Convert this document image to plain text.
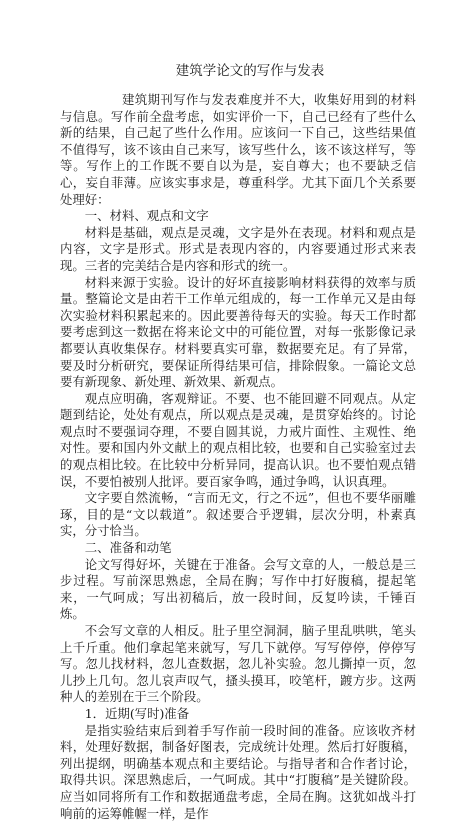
建筑学论文的写作与发表

建筑期刊写作与发表难度并不大，收集好用到的材料与信息。写作前全盘考虑，如实评价一下，自己已经有了些什么新的结果，自己起了些什么作用。应该问一下自己，这些结果值不值得写，该不该由自己来写，该写些什么，该不该这样写，等等。写作上的工作既不要自以为是，妄自尊大；也不要缺乏信心，妄自菲薄。应该实事求是，尊重科学。尤其下面几个关系要处理好：

一、材料、观点和文字

材料是基础，观点是灵魂，文字是外在表现。材料和观点是内容，文字是形式。形式是表现内容的，内容要通过形式来表现。三者的完美结合是内容和形式的统一。

材料来源于实验。设计的好坏直接影响材料获得的效率与质量。整篇论文是由若干工作单元组成的，每一工作单元又是由每次实验材料积累起来的。因此要善待每天的实验。每天工作时都要考虑到这一数据在将来论文中的可能位置，对每一张影像记录都要认真收集保存。材料要真实可靠，数据要充足。有了异常，要及时分析研究，要保证所得结果可信，排除假象。一篇论文总要有新现象、新处理、新效果、新观点。

观点应明确，客观辩证。不要、也不能回避不同观点。从定题到结论，处处有观点，所以观点是灵魂，是贯穿始终的。讨论观点时不要强词夺理，不要自圆其说，力戒片面性、主观性、绝对性。要和国内外文献上的观点相比较，也要和自己实验室过去的观点相比较。在比较中分析异同，提高认识。也不要怕观点错误，不要怕被别人批评。要百家争鸣，通过争鸣，认识真理。

文字要自然流畅，“言而无文，行之不远”，但也不要华丽雕琢，目的是“文以载道”。叙述要合乎逻辑，层次分明，朴素真实，分寸恰当。

二、准备和动笔

论文写得好坏，关键在于准备。会写文章的人，一般总是三步过程。写前深思熟虑，全局在胸；写作中打好腹稿，提起笔来，一气呵成；写出初稿后，放一段时间，反复吟读，千锤百炼。

不会写文章的人相反。肚子里空洞洞，脑子里乱哄哄，笔头上千斤重。他们拿起笔来就写，写几下就停。写写停停，停停写写。忽儿找材料，忽儿查数据，忽儿补实验。忽儿撕掉一页，忽儿抄上几句。忽儿哀声叹气，搔头摸耳，咬笔杆，踱方步。这两种人的差别在于三个阶段。

1．近期(写时)准备

是指实验结束后到着手写作前一段时间的准备。应该收齐材料，处理好数据，制备好图表，完成统计处理。然后打好腹稿，列出提纲，明确基本观点和主要结论。与指导者和合作者讨论，取得共识。深思熟虑后，一气呵成。其中“打腹稿”是关键阶段。应当如同将所有工作和数据通盘考虑，全局在胸。这犹如战斗打响前的运筹帷幄一样，是作
